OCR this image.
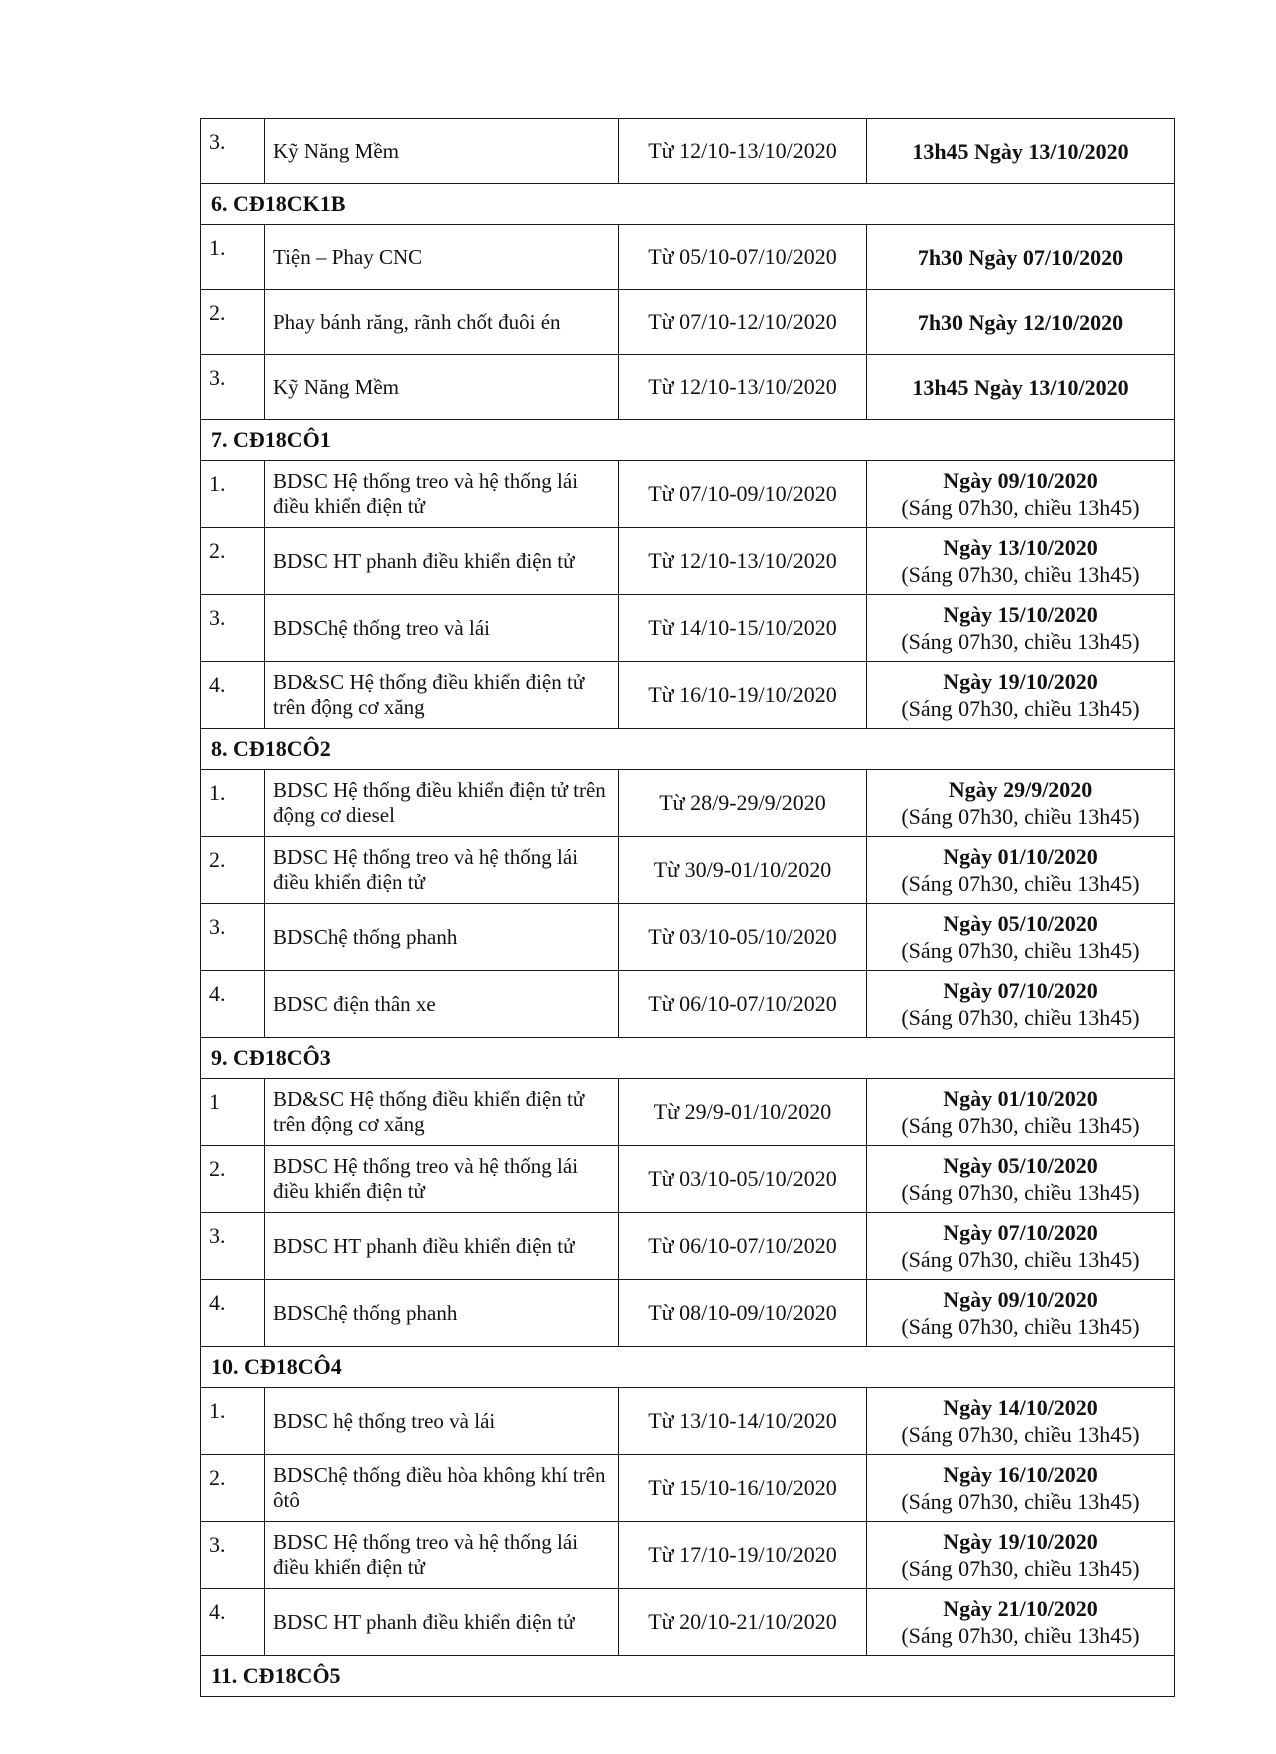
3.	Kỹ Năng Mềm	Từ 12/10-13/10/2020	13h45 Ngày 13/10/2020

6. CĐ18CK1B			
1.	Tiện – Phay CNC	Từ 05/10-07/10/2020	7h30 Ngày 07/10/2020

2.	Phay bánh răng, rãnh chốt đuôi én	Từ 07/10-12/10/2020	7h30 Ngày 12/10/2020

3.	Kỹ Năng Mềm	Từ 12/10-13/10/2020	13h45 Ngày 13/10/2020

7. CĐ18CÔ1			
1.	BDSC Hệ thống treo và hệ thống lái điều khiển điện tử	Từ 07/10-09/10/2020	Ngày 09/10/2020
(Sáng 07h30, chiều 13h45)

2.	BDSC HT phanh điều khiển điện tử	Từ 12/10-13/10/2020	Ngày 13/10/2020
(Sáng 07h30, chiều 13h45)

3.	BDSChệ thống treo và lái	Từ 14/10-15/10/2020	Ngày 15/10/2020
(Sáng 07h30, chiều 13h45)

4.	BD&SC Hệ thống điều khiển điện tử trên động cơ xăng	Từ 16/10-19/10/2020	Ngày 19/10/2020
(Sáng 07h30, chiều 13h45)

8. CĐ18CÔ2			
1.	BDSC Hệ thống điều khiển điện tử trên động cơ diesel	Từ 28/9-29/9/2020	Ngày 29/9/2020
(Sáng 07h30, chiều 13h45)

2.	BDSC Hệ thống treo và hệ thống lái điều khiển điện tử	Từ 30/9-01/10/2020	Ngày 01/10/2020
(Sáng 07h30, chiều 13h45)

3.	BDSChệ thống phanh	Từ 03/10-05/10/2020	Ngày 05/10/2020
(Sáng 07h30, chiều 13h45)

4.	BDSC điện thân xe	Từ 06/10-07/10/2020	Ngày 07/10/2020
(Sáng 07h30, chiều 13h45)

9. CĐ18CÔ3			
1	BD&SC Hệ thống điều khiển điện tử trên động cơ xăng	Từ 29/9-01/10/2020	Ngày 01/10/2020
(Sáng 07h30, chiều 13h45)

2.	BDSC Hệ thống treo và hệ thống lái điều khiển điện tử	Từ 03/10-05/10/2020	Ngày 05/10/2020
(Sáng 07h30, chiều 13h45)

3.	BDSC HT phanh điều khiển điện tử	Từ 06/10-07/10/2020	Ngày 07/10/2020
(Sáng 07h30, chiều 13h45)

4.	BDSChệ thống phanh	Từ 08/10-09/10/2020	Ngày 09/10/2020
(Sáng 07h30, chiều 13h45)

10. CĐ18CÔ4			
1.	BDSC hệ thống treo và lái	Từ 13/10-14/10/2020	Ngày 14/10/2020
(Sáng 07h30, chiều 13h45)

2.	BDSChệ thống điều hòa không khí trên ôtô	Từ 15/10-16/10/2020	Ngày 16/10/2020
(Sáng 07h30, chiều 13h45)

3.	BDSC Hệ thống treo và hệ thống lái điều khiển điện tử	Từ 17/10-19/10/2020	Ngày 19/10/2020
(Sáng 07h30, chiều 13h45)

4.	BDSC HT phanh điều khiển điện tử	Từ 20/10-21/10/2020	Ngày 21/10/2020
(Sáng 07h30, chiều 13h45)

11. CĐ18CÔ5			
